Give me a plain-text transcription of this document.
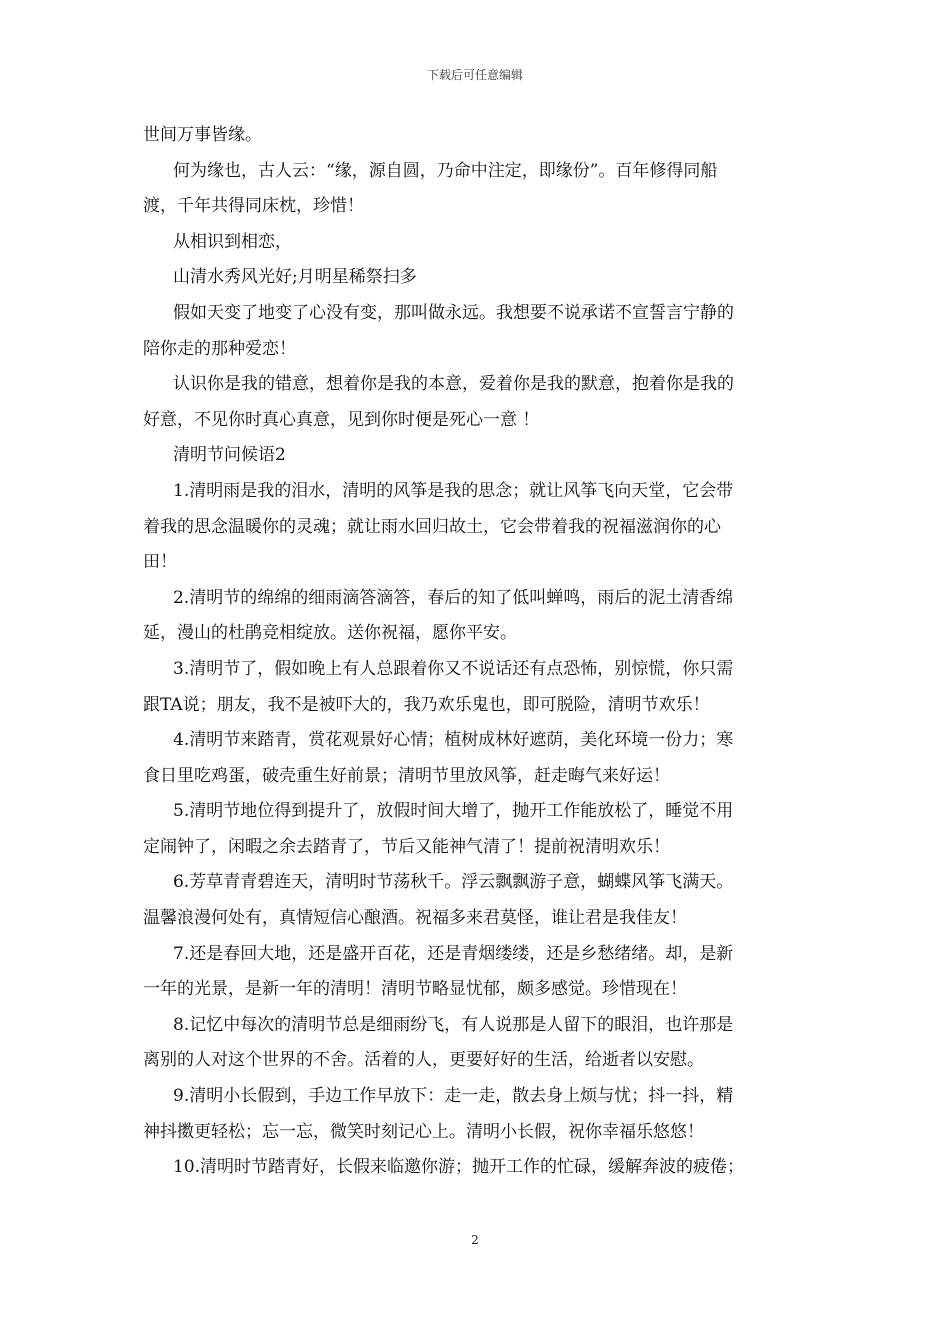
下载后可任意编辑
世间万事皆缘。
何为缘也，古人云：“缘，源自圆，乃命中注定，即缘份”。百年修得同船
渡，千年共得同床枕，珍惜！
从相识到相恋，
山清水秀风光好;月明星稀祭扫多
假如天变了地变了心没有变，那叫做永远。我想要不说承诺不宣誓言宁静的
陪你走的那种爱恋！
认识你是我的错意，想着你是我的本意，爱着你是我的默意，抱着你是我的
好意，不见你时真心真意，见到你时便是死心一意 ！
清明节问候语2
1.清明雨是我的泪水，清明的风筝是我的思念；就让风筝飞向天堂，它会带
着我的思念温暖你的灵魂；就让雨水回归故土，它会带着我的祝福滋润你的心
田！
2.清明节的绵绵的细雨滴答滴答，春后的知了低叫蝉鸣，雨后的泥土清香绵
延，漫山的杜鹃竞相绽放。送你祝福，愿你平安。
3.清明节了，假如晚上有人总跟着你又不说话还有点恐怖，别惊慌，你只需
跟TA说；朋友，我不是被吓大的，我乃欢乐鬼也，即可脱险，清明节欢乐！
4.清明节来踏青，赏花观景好心情；植树成林好遮荫，美化环境一份力；寒
食日里吃鸡蛋，破壳重生好前景；清明节里放风筝，赶走晦气来好运！
5.清明节地位得到提升了，放假时间大增了，抛开工作能放松了，睡觉不用
定闹钟了，闲暇之余去踏青了，节后又能神气清了！提前祝清明欢乐！
6.芳草青青碧连天，清明时节荡秋千。浮云飘飘游子意，蝴蝶风筝飞满天。
温馨浪漫何处有，真情短信心酿酒。祝福多来君莫怪，谁让君是我佳友！
7.还是春回大地，还是盛开百花，还是青烟缕缕，还是乡愁绪绪。却，是新
一年的光景，是新一年的清明！清明节略显忧郁，颇多感觉。珍惜现在！
8.记忆中每次的清明节总是细雨纷飞，有人说那是人留下的眼泪，也许那是
离别的人对这个世界的不舍。活着的人，更要好好的生活，给逝者以安慰。
9.清明小长假到，手边工作早放下：走一走，散去身上烦与忧；抖一抖，精
神抖擞更轻松；忘一忘，微笑时刻记心上。清明小长假，祝你幸福乐悠悠！
10.清明时节踏青好，长假来临邀你游；抛开工作的忙碌，缓解奔波的疲倦；
2
